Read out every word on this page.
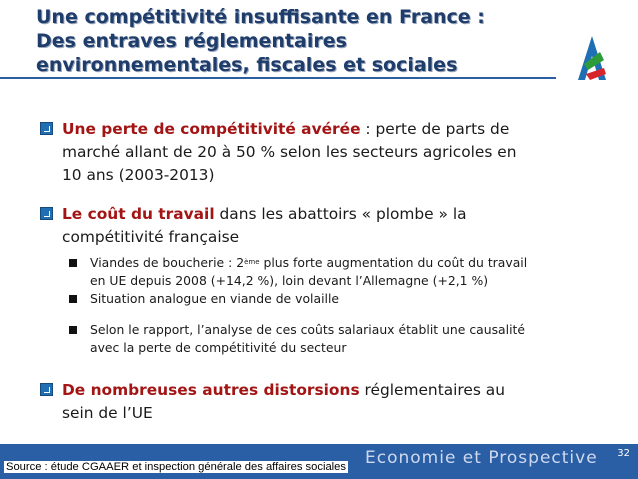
Une compétitivité insuffisante en France :
Des entraves réglementaires
environnementales, fiscales et sociales
Une perte de compétitivité avérée : perte de parts de
marché allant de 20 à 50 % selon les secteurs agricoles en
10 ans (2003-2013)
Le coût du travail dans les abattoirs « plombe » la
compétitivité française
Viandes de boucherie : 2ème plus forte augmentation du coût du travail
en UE depuis 2008 (+14,2 %), loin devant l’Allemagne (+2,1 %)
Situation analogue en viande de volaille
Selon le rapport, l’analyse de ces coûts salariaux établit une causalité
avec la perte de compétitivité du secteur
De nombreuses autres distorsions réglementaires au
sein de l’UE
Economie et Prospective 32
Source : étude CGAAER et inspection générale des affaires sociales
